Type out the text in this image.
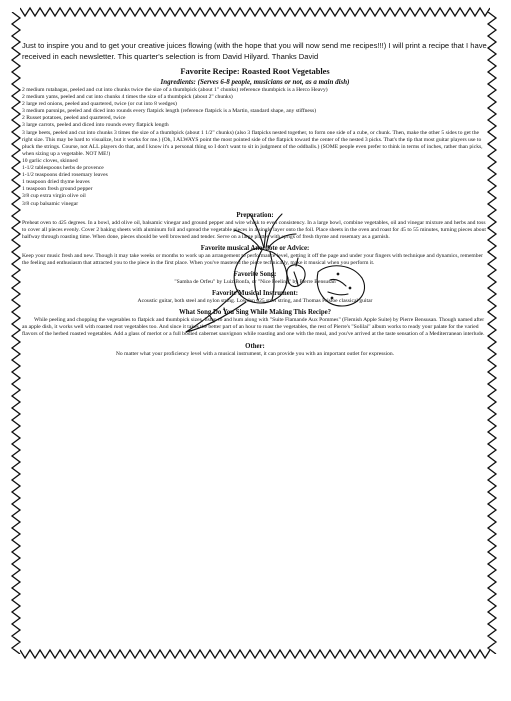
Just to inspire you and to get your creative juices flowing (with the hope that you will now send me recipes!!!) I will print a recipe that I have received in each newsletter. This quarter's selection is from David Hilyard. Thanks David

Favorite Recipe: Roasted Root Vegetables

Ingredients: (Serves 6-8 people, musicians or not, as a main dish)

2 medium rutabagas, peeled and cut into chunks twice the size of a thumbpick (about 1" chunks) reference thumbpick is a Herco Heavy)
2 medium yams, peeled and cut into chunks 4 times the size of a thumbpick (about 2" chunks)
2 large red onions, peeled and quartered, twice (or cut into 8 wedges)
3 medium parsnips, peeled and diced into rounds every flatpick length (reference flatpick is a Martin, standard shape, any stiffness)
2 Russet potatoes, peeled and quartered, twice
3 large carrots, peeled and diced into rounds every flatpick length
3 large beets, peeled and cut into chunks 3 times the size of a thumbpick (about 1 1/2" chunks) (also 3 flatpicks nested together, to form one side of a cube, or chunk. Then, make the other 5 sides to get the right size. This may be hard to visualize, but it works for me.) (Oh, I ALWAYS point the most pointed side of the flatpick toward the center of the nested 3 picks. That's the tip that most guitar players use to pluck the strings. Course, not ALL players do that, and I know it's a personal thing so I don't want to sit in judgment of the oddballs.) (SOME people even prefer to think in terms of inches, rather than picks, when sizing up a vegetable. NOT ME!)
10 garlic cloves, skinned
1-1/2 tablespoons herbs de provence
1-1/2 teaspoons dried rosemary leaves
1 teaspoon dried thyme leaves
1 teaspoon fresh ground pepper
3/8 cup extra virgin olive oil
3/8 cup balsamic vinegar

Preparation:

Preheat oven to 425 degrees. In a bowl, add olive oil, balsamic vinegar and ground pepper and wire whisk to even consistency. In a large bowl, combine vegetables, oil and vinegar mixture and herbs and toss to cover all pieces evenly. Cover 2 baking sheets with aluminum foil and spread the vegetable pieces in a single layer onto the foil. Place sheets in the oven and roast for 45 to 55 minutes, turning pieces about halfway through roasting time. When done, pieces should be well browned and tender. Serve on a large platter with sprigs of fresh thyme and rosemary as a garnish.

Favorite musical Anecdote or Advice:

Keep your music fresh and new. Though it may take weeks or months to work up an arrangement to performance level, getting it off the page and under your fingers with technique and dynamics, remember the feeling and enthusiasm that attracted you to the piece in the first place. When you've mastered the piece technically, make it musical when you perform it.

Favorite Song:

"Samba de Orfeu" by Luiz Bonfa, or "Nice Feeling" by Pierre Bensusan

Favorite Musical Instrument:

Acoustic guitar, both steel and nylon string. Lowden 025 steel string, and Thomas Prisloe classical guitar

What Song Do You Sing While Making This Recipe?

While peeling and chopping the vegetables to flatpick and thumbpick sizes, listen to and hum along with "Suite Flamande Aux Pommes" (Flemish Apple Suite) by Pierre Bensusan. Though named after an apple dish, it works well with roasted root vegetables too. And since it takes the better part of an hour to roast the vegetables, the rest of Pierre's "Solilai" album works to ready your palate for the varied flavors of the herbed roasted vegetables. Add a glass of merlot or a full bodied cabernet sauvignon while roasting and one with the meal, and you've arrived at the taste sensation of a Mediterranean interlude.

Other:

No matter what your proficiency level with a musical instrument, it can provide you with an important outlet for expression.
